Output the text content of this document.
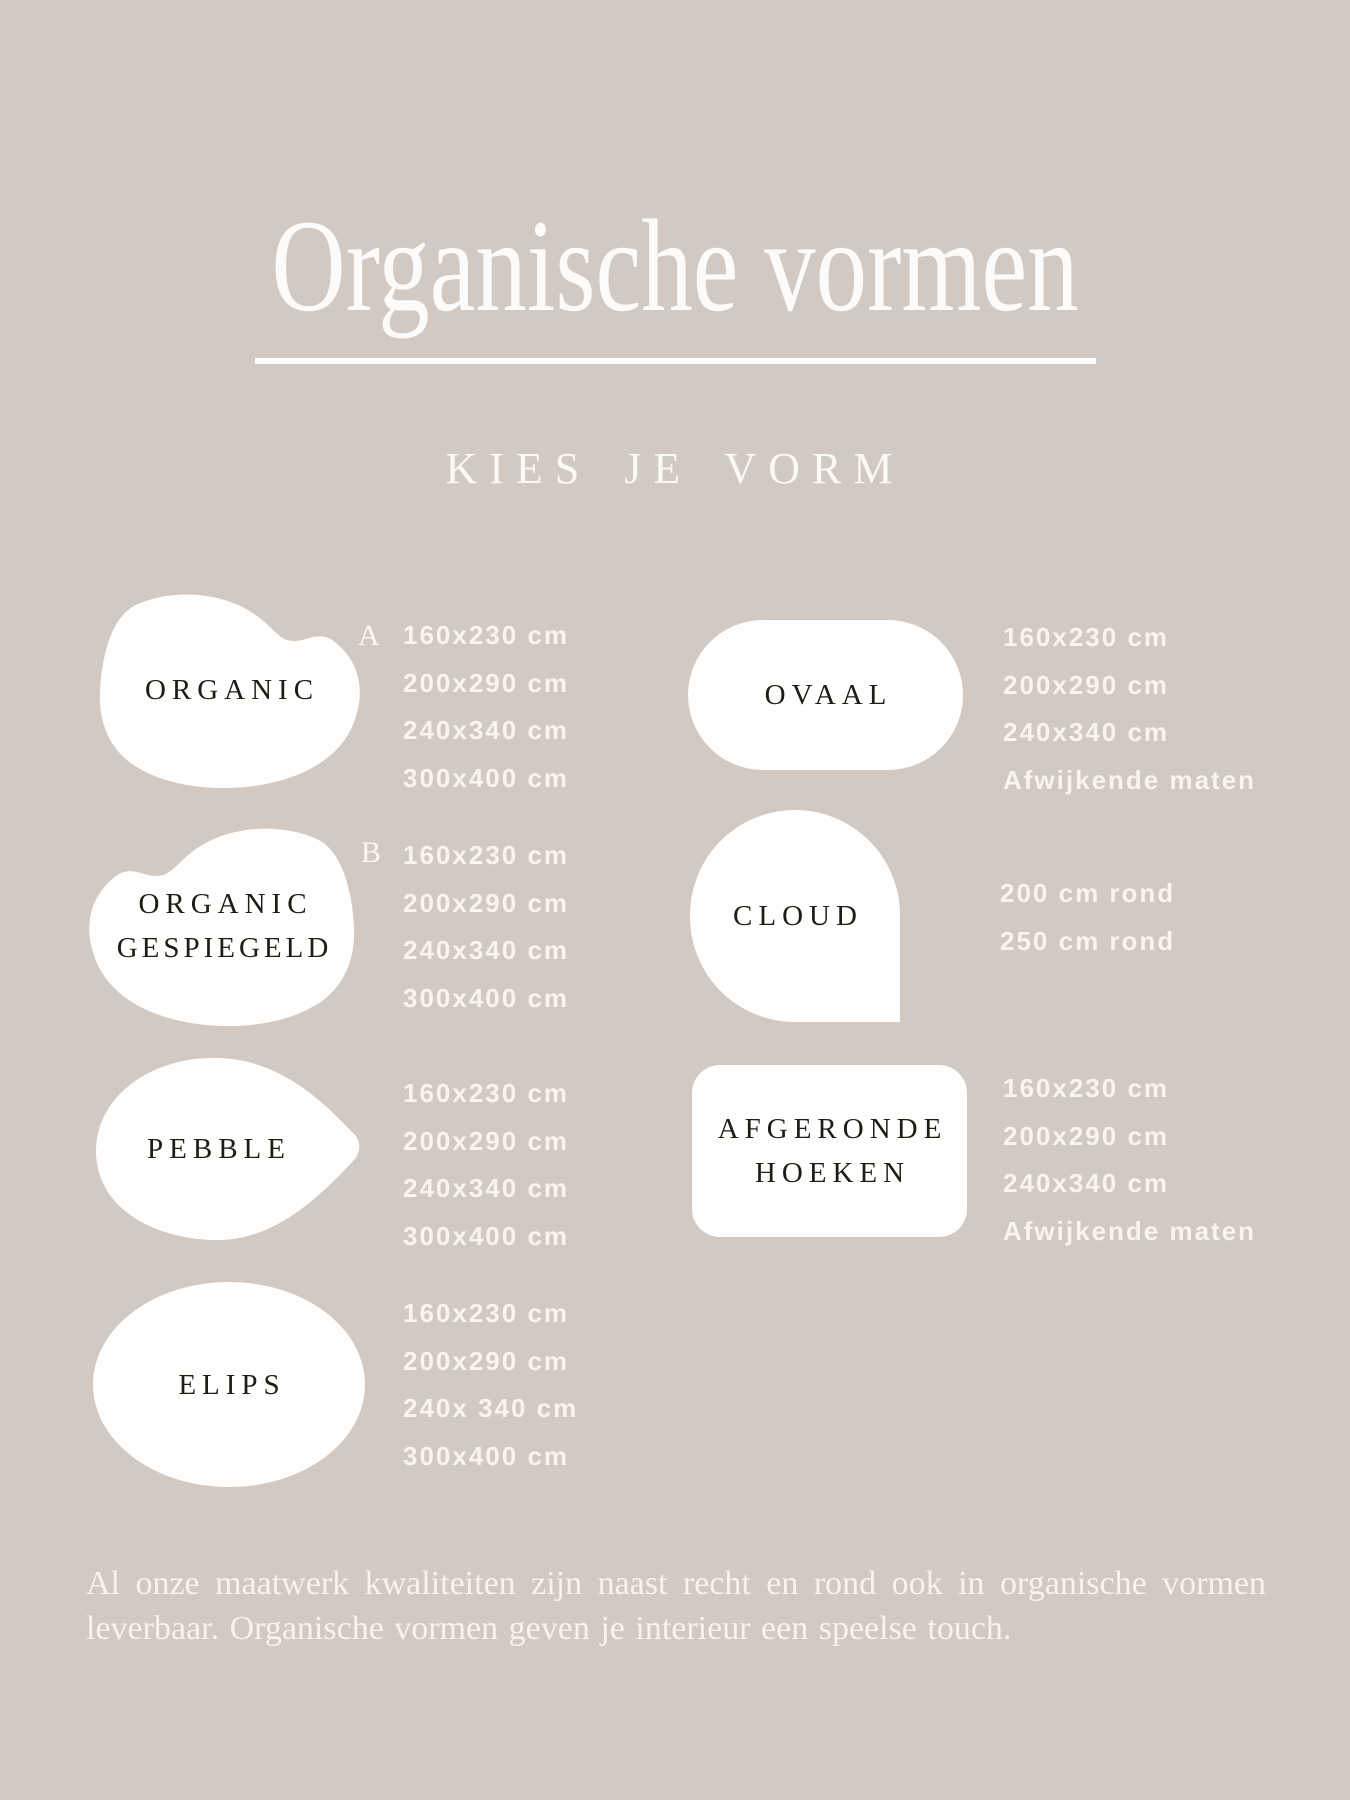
Organische vormen
KIES JE VORM
ORGANIC
A 160x230 cm
200x290 cm
240x340 cm
300x400 cm
ORGANIC
GESPIEGELD
B 160x230 cm
200x290 cm
240x340 cm
300x400 cm
PEBBLE
160x230 cm
200x290 cm
240x340 cm
300x400 cm
ELIPS
160x230 cm
200x290 cm
240x 340 cm
300x400 cm
OVAAL
160x230 cm
200x290 cm
240x340 cm
Afwijkende maten
CLOUD
200 cm rond
250 cm rond
AFGERONDE
HOEKEN
160x230 cm
200x290 cm
240x340 cm
Afwijkende maten
Al onze maatwerk kwaliteiten zijn naast recht en rond ook in organische vormen leverbaar. Organische vormen geven je interieur een speelse touch.
